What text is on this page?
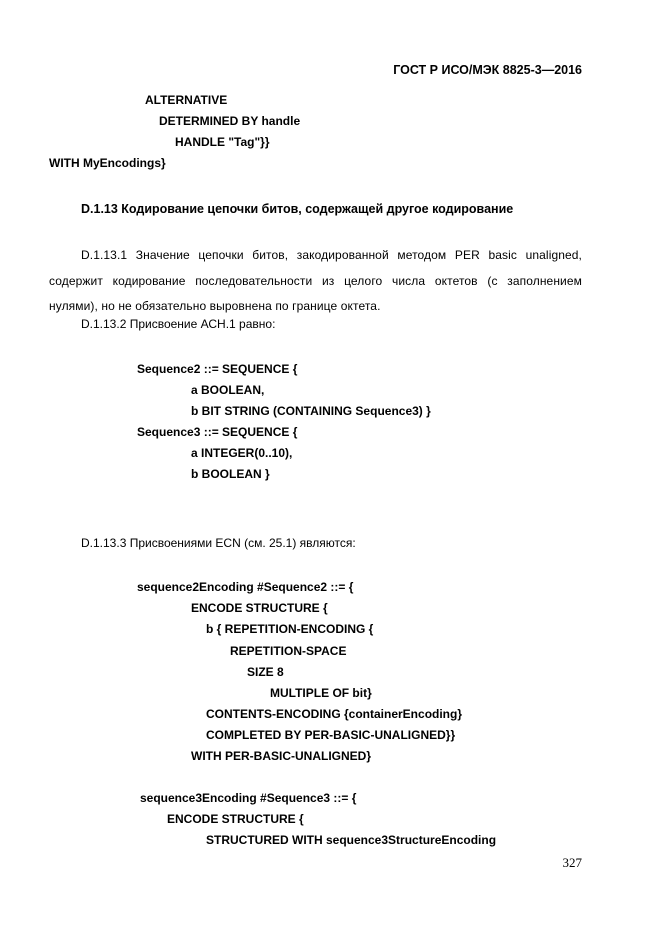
ГОСТ Р ИСО/МЭК 8825-3—2016
ALTERNATIVE
DETERMINED BY handle
HANDLE "Tag"}}
WITH MyEncodings}
D.1.13 Кодирование цепочки битов, содержащей другое кодирование
D.1.13.1 Значение цепочки битов, закодированной методом PER basic unaligned, содержит кодирование последовательности из целого числа октетов (с заполнением нулями), но не обязательно выровнена по границе октета.
D.1.13.2 Присвоение АСН.1 равно:
Sequence2 ::= SEQUENCE {
a BOOLEAN,
b BIT STRING (CONTAINING Sequence3) }
Sequence3 ::= SEQUENCE {
a INTEGER(0..10),
b BOOLEAN }
D.1.13.3 Присвоениями ECN (см. 25.1) являются:
sequence2Encoding #Sequence2 ::= {
ENCODE STRUCTURE {
b { REPETITION-ENCODING {
REPETITION-SPACE
SIZE 8
MULTIPLE OF bit}
CONTENTS-ENCODING {containerEncoding}
COMPLETED BY PER-BASIC-UNALIGNED}}
WITH PER-BASIC-UNALIGNED}
sequence3Encoding #Sequence3 ::= {
ENCODE STRUCTURE {
STRUCTURED WITH sequence3StructureEncoding
327
